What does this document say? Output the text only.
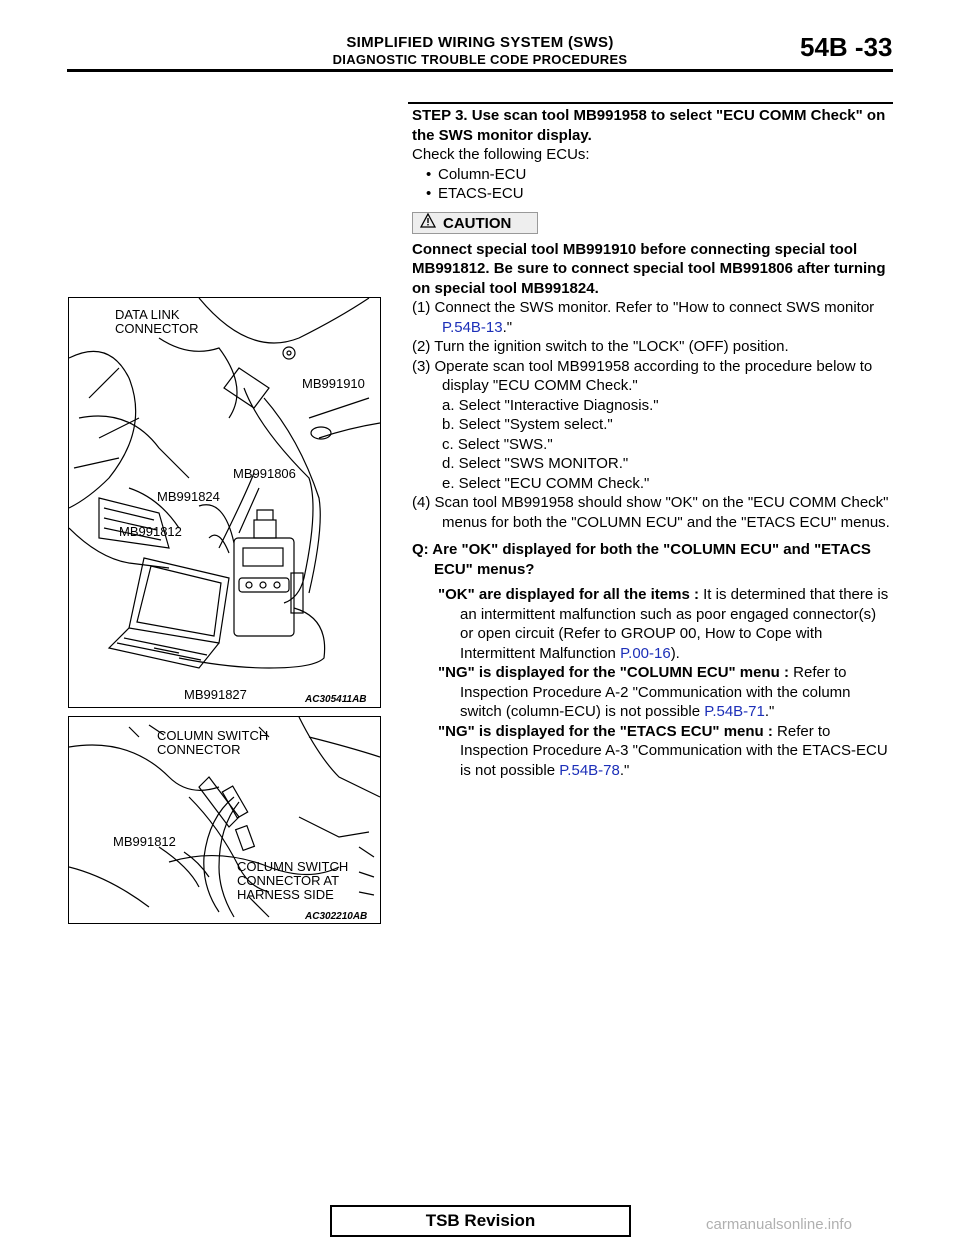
SIMPLIFIED WIRING SYSTEM (SWS)
DIAGNOSTIC TROUBLE CODE PROCEDURES	54B -33

STEP 3. Use scan tool MB991958 to select "ECU COMM Check" on the SWS monitor display.

Check the following ECUs:

• Column-ECU

• ETACS-ECU

CAUTION

Connect special tool MB991910 before connecting special tool MB991812. Be sure to connect special tool MB991806 after turning on special tool MB991824.

(1) Connect the SWS monitor. Refer to "How to connect SWS monitor P.54B-13."

(2) Turn the ignition switch to the "LOCK" (OFF) position.

(3) Operate scan tool MB991958 according to the procedure below to display "ECU COMM Check."

a. Select "Interactive Diagnosis."

b. Select "System select."

c. Select "SWS."

d. Select "SWS MONITOR."

e. Select "ECU COMM Check."

(4) Scan tool MB991958 should show "OK" on the "ECU COMM Check" menus for both the "COLUMN ECU" and the "ETACS ECU" menus.

Q: Are "OK" displayed for both the "COLUMN ECU" and "ETACS ECU" menus?

"OK" are displayed for all the items : It is determined that there is an intermittent malfunction such as poor engaged connector(s) or open circuit (Refer to GROUP 00, How to Cope with Intermittent Malfunction P.00-16).

"NG" is displayed for the "COLUMN ECU" menu : Refer to Inspection Procedure A-2 "Communication with the column switch (column-ECU) is not possible P.54B-71."

"NG" is displayed for the "ETACS ECU" menu : Refer to Inspection Procedure A-3 "Communication with the ETACS-ECU is not possible P.54B-78."

DATA LINK CONNECTOR
MB991910
MB991806
MB991824
MB991812
MB991827	AC305411AB
COLUMN SWITCH CONNECTOR
MB991812
COLUMN SWITCH CONNECTOR AT HARNESS SIDE
AC302210AB
TSB Revision	carmanualsonline.info
